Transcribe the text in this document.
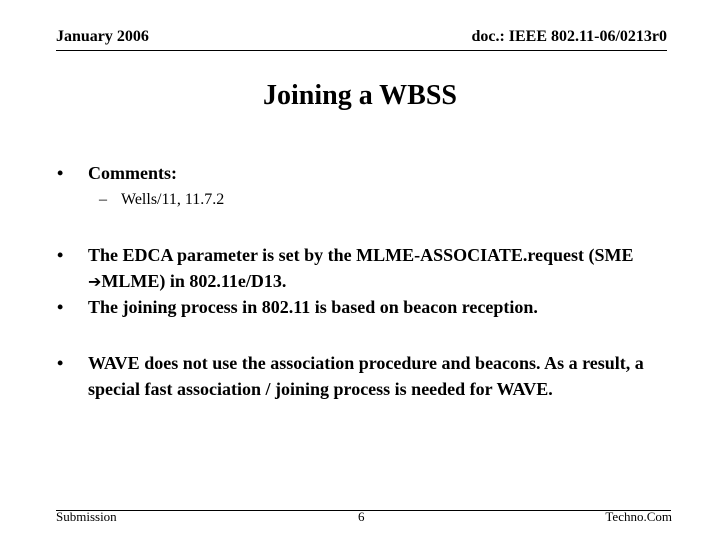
January 2006	doc.: IEEE 802.11-06/0213r0
Joining a WBSS
•	Comments:
– Wells/11, 11.7.2
•	The EDCA parameter is set by the MLME-ASSOCIATE.request (SME ➔MLME) in 802.11e/D13.
•	The joining process in 802.11 is based on beacon reception.
•	WAVE does not use the association procedure and beacons. As a result, a special fast association / joining process is needed for WAVE.
Submission	6	Techno.Com
